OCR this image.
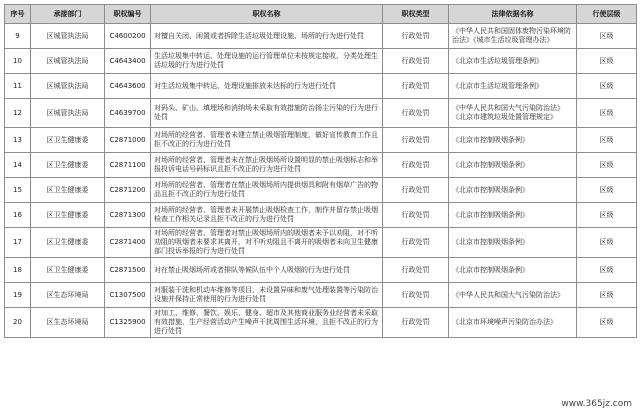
序号	承接部门	职权编号	职权名称	职权类型	法律依据名称	行使层级
9	区城管执法局	C4600200	对擅自关闭、闲置或者拆除生活垃圾处理设施、场所的行为进行处罚	行政处罚	《中华人民共和国固体废物污染环境防治法》《城市生活垃圾管理办法》	区级
10	区城管执法局	C4643400	生活垃圾集中转运、处理设施的运行管理单位未按规定接收、分类处理生活垃圾的行为进行处罚	行政处罚	《北京市生活垃圾管理条例》	区级
11	区城管执法局	C4643600	对生活垃圾集中转运、处理设施排放未达标的行为进行处罚	行政处罚	《北京市生活垃圾管理条例》	区级
12	区城管执法局	C4639700	对码头、矿山、填埋场和消纳场未采取有效措施防治扬尘污染的行为进行处罚	行政处罚	《中华人民共和国大气污染防治法》《北京市建筑垃圾处置管理规定》	区级
13	区卫生健康委	C2871000	对场所的经营者、管理者未建立禁止吸烟管理制度，做好宣传教育工作且拒不改正的行为进行处罚	行政处罚	《北京市控制吸烟条例》	区级
14	区卫生健康委	C2871100	对场所的经营者、管理者未在禁止吸烟场所设置明显的禁止吸烟标志和举报投诉电话号码标识且拒不改正的行为进行处罚	行政处罚	《北京市控制吸烟条例》	区级
15	区卫生健康委	C2871200	对场所的经营者、管理者在禁止吸烟场所内提供烟具和附有烟草广告的物品且拒不改正的行为进行处罚	行政处罚	《北京市控制吸烟条例》	区级
16	区卫生健康委	C2871300	对场所的经营者、管理者未开展禁止吸烟检查工作，制作并留存禁止吸烟检查工作相关记录且拒不改正的行为进行处罚	行政处罚	《北京市控制吸烟条例》	区级
17	区卫生健康委	C2871400	对场所的经营者、管理者对禁止吸烟场所内的吸烟者未予以劝阻，对不听劝阻的吸烟者未要求其离开，对不听劝阻且不离开的吸烟者未向卫生健康部门投诉举报的行为进行处罚	行政处罚	《北京市控制吸烟条例》	区级
18	区卫生健康委	C2871500	对在禁止吸烟场所或者排队等候队伍中个人吸烟的行为进行处罚	行政处罚	《北京市控制吸烟条例》	区级
19	区生态环境局	C1307500	对服装干洗和机动车维修等项目，未设置异味和废气处理装置等污染防治设施并保持正常使用的行为进行处罚	行政处罚	《中华人民共和国大气污染防治法》	区级
20	区生态环境局	C1325900	对加工、维修、餐饮、娱乐、健身、超市及其他商业服务业经营者未采取有效措施，生产经营活动产生噪声干扰周围生活环境，且拒不改正的行为进行处罚	行政处罚	《北京市环境噪声污染防治办法》	区级
www.365jz.com
